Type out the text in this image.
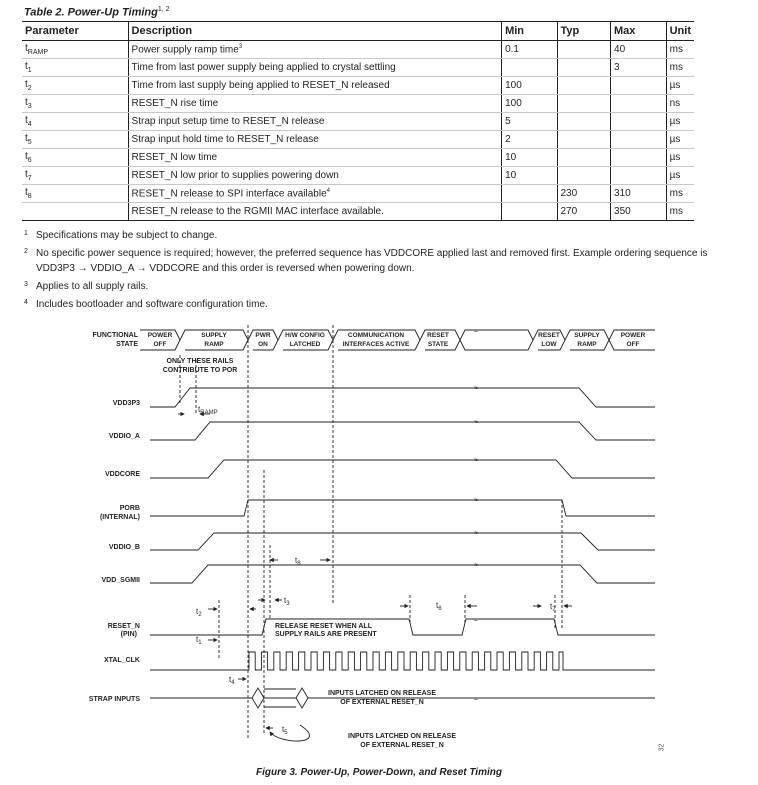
Table 2. Power-Up Timing$^{1, 2}$
Parameter	Description	Min	Typ	Max	Unit
$t_{RAMP}$	Power supply ramp time$^3$	0.1		40	ms
$t_1$	Time from last power supply being applied to crystal settling			3	ms
$t_2$	Time from last supply being applied to RESET_N released	100			µs
$t_3$	RESET_N rise time	100			ns
$t_4$	Strap input setup time to RESET_N release	5			µs
$t_5$	Strap input hold time to RESET_N release	2			µs
$t_6$	RESET_N low time	10			µs
$t_7$	RESET_N low prior to supplies powering down	10			µs
$t_8$	RESET_N release to SPI interface available$^4$		230	310	ms
	RESET_N release to the RGMII MAC interface available.		270	350	ms
1 Specifications may be subject to change.
2 No specific power sequence is required; however, the preferred sequence has VDDCORE applied last and removed first. Example ordering sequence is VDD3P3 → VDDIO_A → VDDCORE and this order is reversed when powering down.
3 Applies to all supply rails.
4 Includes bootloader and software configuration time.
≈
≈
≈
≈
≈
≈
≈
≈
≈
FUNCTIONAL
STATE
POWER
OFF
SUPPLY
RAMP
PWR
ON
H/W CONFIG
LATCHED
COMMUNICATION
INTERFACES ACTIVE
RESET
STATE
RESET
LOW
SUPPLY
RAMP
POWER
OFF
ONLY THESE RAILS
CONTRIBUTE TO POR
VDD3P3
VDDIO_A
VDDCORE
PORB
(INTERNAL)
VDDIO_B
VDD_SGMII
RESET_N
(PIN)
XTAL_CLK
STRAP INPUTS
$t_{RAMP}$
$t_2$
$t_1$
$t_3$
$t_8$
$t_6$	$t_7$
$t_4$
$t_5$
RELEASE RESET WHEN ALL
SUPPLY RAILS ARE PRESENT
INPUTS LATCHED ON RELEASE
OF EXTERNAL RESET_N
INPUTS LATCHED ON RELEASE
OF EXTERNAL RESET_N
Figure 3. Power-Up, Power-Down, and Reset Timing
32
